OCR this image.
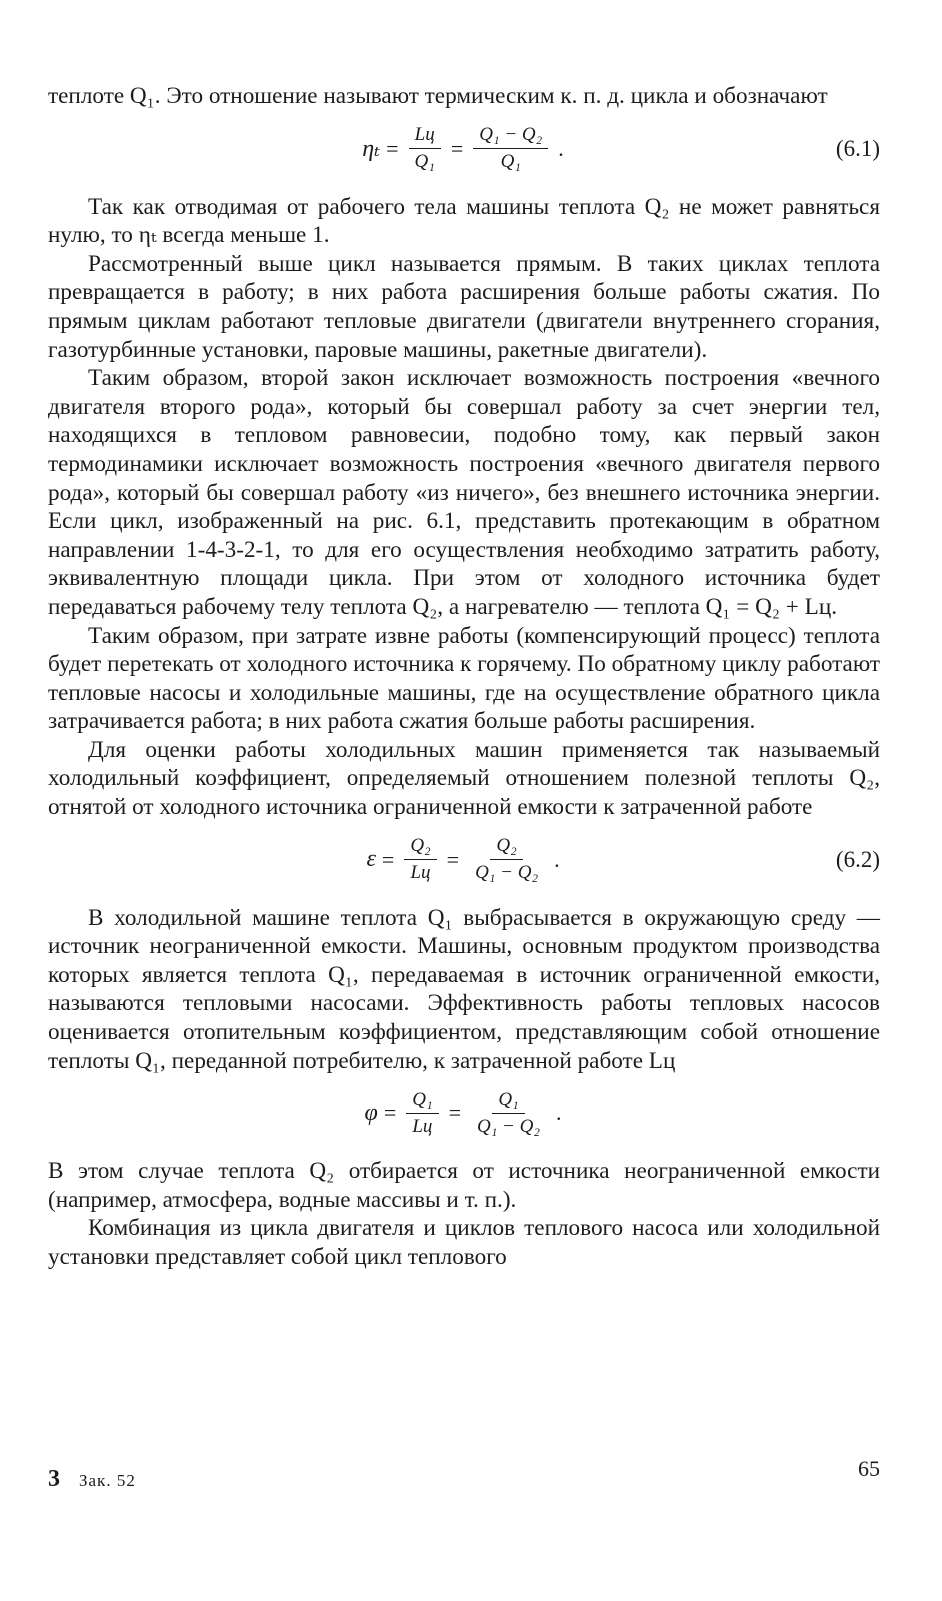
теплоте Q₁. Это отношение называют термическим к. п. д. цикла и обозначают

$\eta_t = \frac{Lц}{\text{Q₁}} = \frac{\text{Q₁ − Q₂}}{\text{Q₁}}$ .	(6.1)

Так как отводимая от рабочего тела машины теплота Q₂ не может равняться нулю, то ηₜ всегда меньше 1.

Рассмотренный выше цикл называется прямым. В таких циклах теплота превращается в работу; в них работа расширения больше работы сжатия. По прямым циклам работают тепловые двигатели (двигатели внутреннего сгорания, газотурбинные установки, паровые машины, ракетные двигатели).

Таким образом, второй закон исключает возможность построения «вечного двигателя второго рода», который бы совершал работу за счет энергии тел, находящихся в тепловом равновесии, подобно тому, как первый закон термодинамики исключает возможность построения «вечного двигателя первого рода», который бы совершал работу «из ничего», без внешнего источника энергии. Если цикл, изображенный на рис. 6.1, представить протекающим в обратном направлении 1-4-3-2-1, то для его осуществления необходимо затратить работу, эквивалентную площади цикла. При этом от холодного источника будет передаваться рабочему телу теплота Q₂, а нагревателю — теплота Q₁ = Q₂ + Lц.

Таким образом, при затрате извне работы (компенсирующий процесс) теплота будет перетекать от холодного источника к горячему. По обратному циклу работают тепловые насосы и холодильные машины, где на осуществление обратного цикла затрачивается работа; в них работа сжатия больше работы расширения.

Для оценки работы холодильных машин применяется так называемый холодильный коэффициент, определяемый отношением полезной теплоты Q₂, отнятой от холодного источника ограниченной емкости к затраченной работе

$\varepsilon = \frac{\text{Q₂}}{Lц} = \frac{\text{Q₂}}{\text{Q₁ − Q₂}}$ .	(6.2)

В холодильной машине теплота Q₁ выбрасывается в окружающую среду — источник неограниченной емкости. Машины, основным продуктом производства которых является теплота Q₁, передаваемая в источник ограниченной емкости, называются тепловыми насосами. Эффективность работы тепловых насосов оценивается отопительным коэффициентом, представляющим собой отношение теплоты Q₁, переданной потребителю, к затраченной работе Lц

$\varphi = \frac{\text{Q₁}}{Lц} = \frac{\text{Q₁}}{\text{Q₁ − Q₂}}$ .

В этом случае теплота Q₂ отбирается от источника неограниченной емкости (например, атмосфера, водные массивы и т. п.).

Комбинация из цикла двигателя и циклов теплового насоса или холодильной установки представляет собой цикл теплового

3 Зак. 52	65
